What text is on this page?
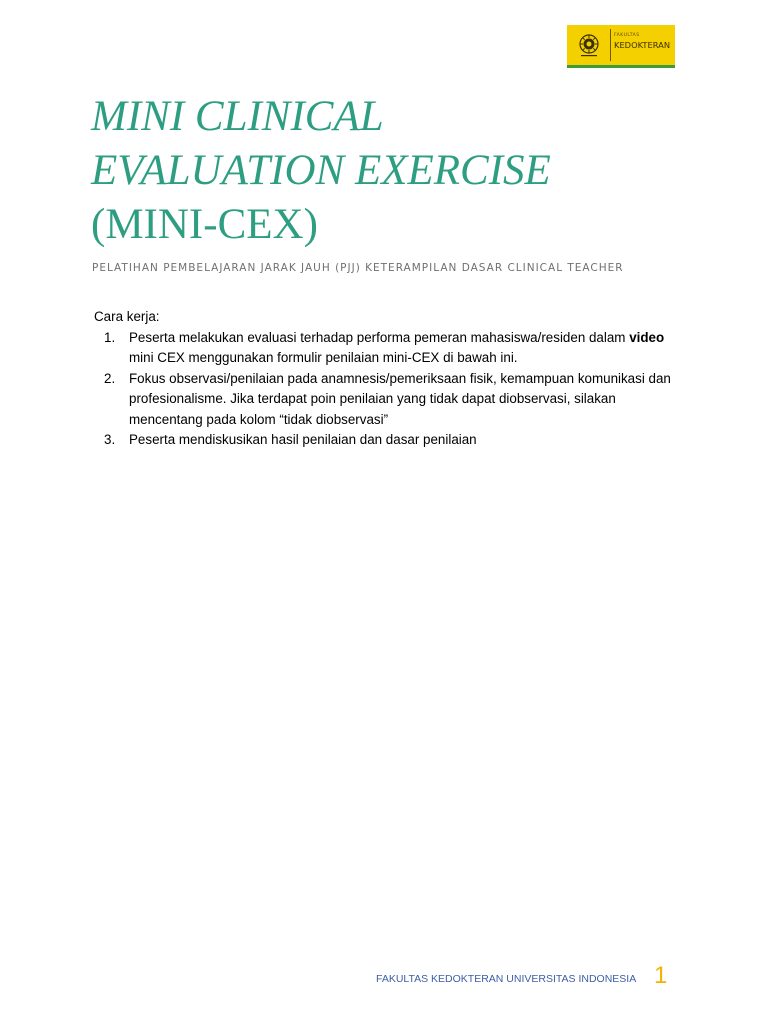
FAKULTAS
KEDOKTERAN
MINI CLINICAL
EVALUATION EXERCISE
(MINI-CEX)
PELATIHAN PEMBELAJARAN JARAK JAUH (PJJ) KETERAMPILAN DASAR CLINICAL TEACHER
Cara kerja:
1. Peserta melakukan evaluasi terhadap performa pemeran mahasiswa/residen dalam video mini CEX menggunakan formulir penilaian mini-CEX di bawah ini.
2. Fokus observasi/penilaian pada anamnesis/pemeriksaan fisik, kemampuan komunikasi dan profesionalisme. Jika terdapat poin penilaian yang tidak dapat diobservasi, silakan mencentang pada kolom “tidak diobservasi”
3. Peserta mendiskusikan hasil penilaian dan dasar penilaian
FAKULTAS KEDOKTERAN UNIVERSITAS INDONESIA 1
